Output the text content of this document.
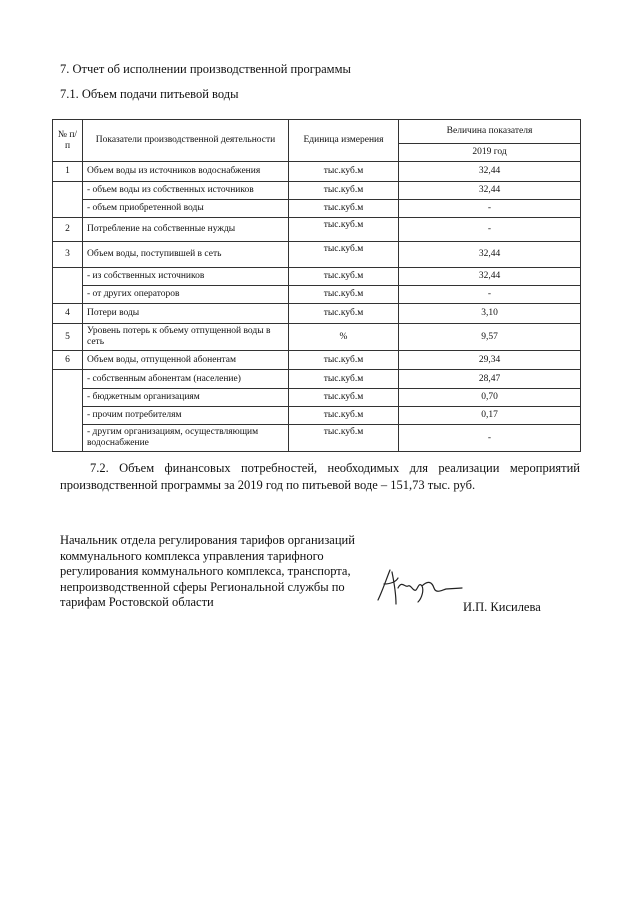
7. Отчет об исполнении производственной программы
7.1. Объем подачи питьевой воды
№ п/п	Показатели производственной деятельности	Единица измерения	Величина показателя
			2019 год
1	Объем воды из источников водоснабжения	тыс.куб.м	32,44
	- объем воды из собственных источников	тыс.куб.м	32,44
	- объем приобретенной воды	тыс.куб.м	-
2	Потребление на собственные нужды	тыс.куб.м	-
3	Объем воды, поступившей в сеть	тыс.куб.м	32,44
	- из собственных источников	тыс.куб.м	32,44
	- от других операторов	тыс.куб.м	-
4	Потери воды	тыс.куб.м	3,10
5	Уровень потерь к объему отпущенной воды в сеть	%	9,57
6	Объем воды, отпущенной абонентам	тыс.куб.м	29,34
	- собственным абонентам (население)	тыс.куб.м	28,47
	- бюджетным организациям	тыс.куб.м	0,70
	- прочим потребителям	тыс.куб.м	0,17
	- другим организациям, осуществляющим водоснабжение	тыс.куб.м	-
7.2. Объем финансовых потребностей, необходимых для реализации мероприятий производственной программы за 2019 год по питьевой воде – 151,73 тыс. руб.
Начальник отдела регулирования тарифов организаций коммунального комплекса управления тарифного регулирования коммунального комплекса, транспорта, непроизводственной сферы Региональной службы по тарифам Ростовской области	И.П. Кисилева
